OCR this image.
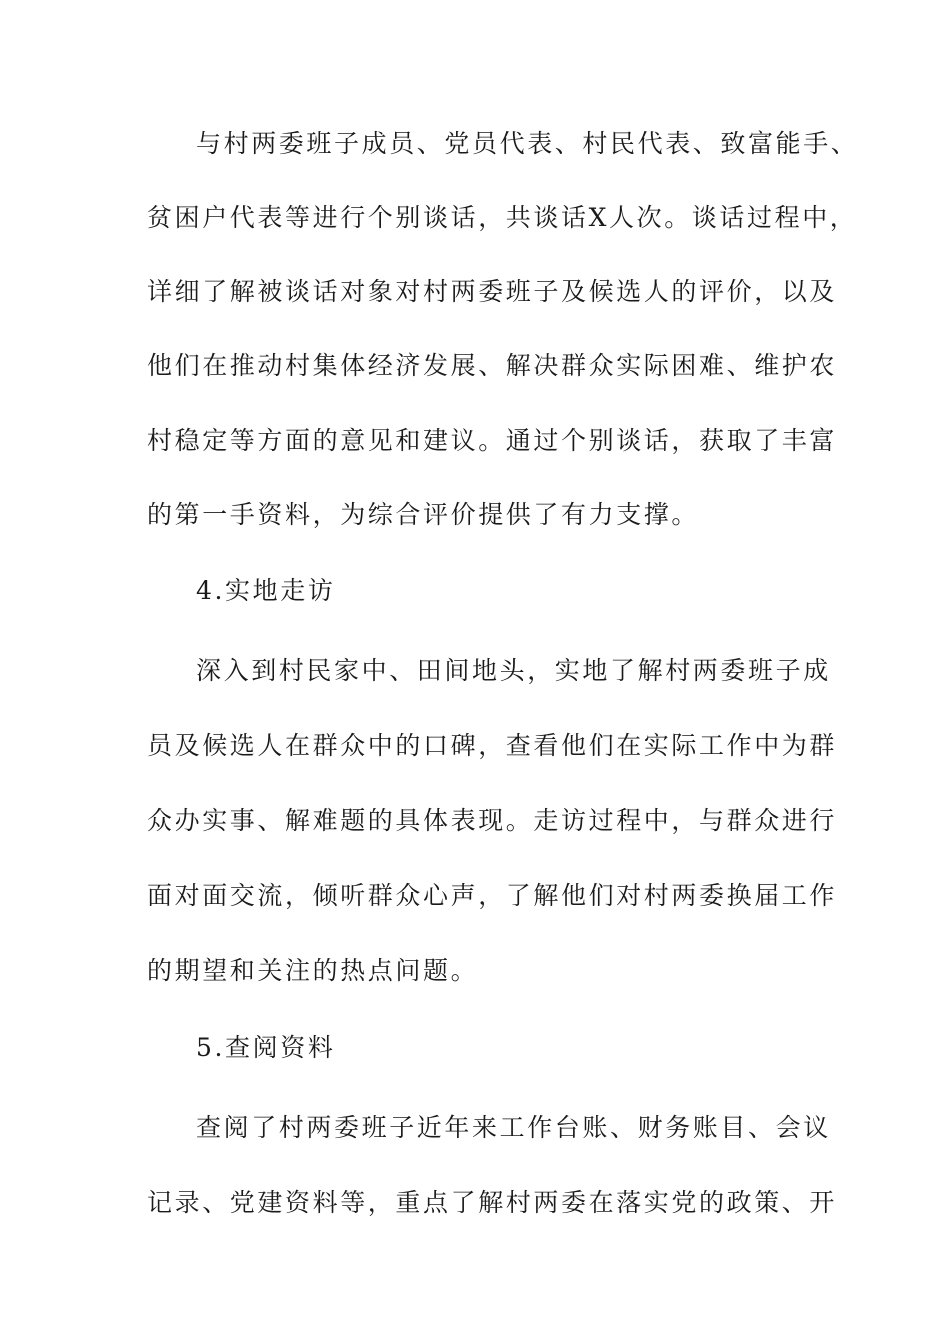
与村两委班子成员、党员代表、村民代表、致富能手、
贫困户代表等进行个别谈话，共谈话X人次。谈话过程中，
详细了解被谈话对象对村两委班子及候选人的评价，以及
他们在推动村集体经济发展、解决群众实际困难、维护农
村稳定等方面的意见和建议。通过个别谈话，获取了丰富
的第一手资料，为综合评价提供了有力支撑。
4.实地走访
深入到村民家中、田间地头，实地了解村两委班子成
员及候选人在群众中的口碑，查看他们在实际工作中为群
众办实事、解难题的具体表现。走访过程中，与群众进行
面对面交流，倾听群众心声，了解他们对村两委换届工作
的期望和关注的热点问题。
5.查阅资料
查阅了村两委班子近年来工作台账、财务账目、会议
记录、党建资料等，重点了解村两委在落实党的政策、开
